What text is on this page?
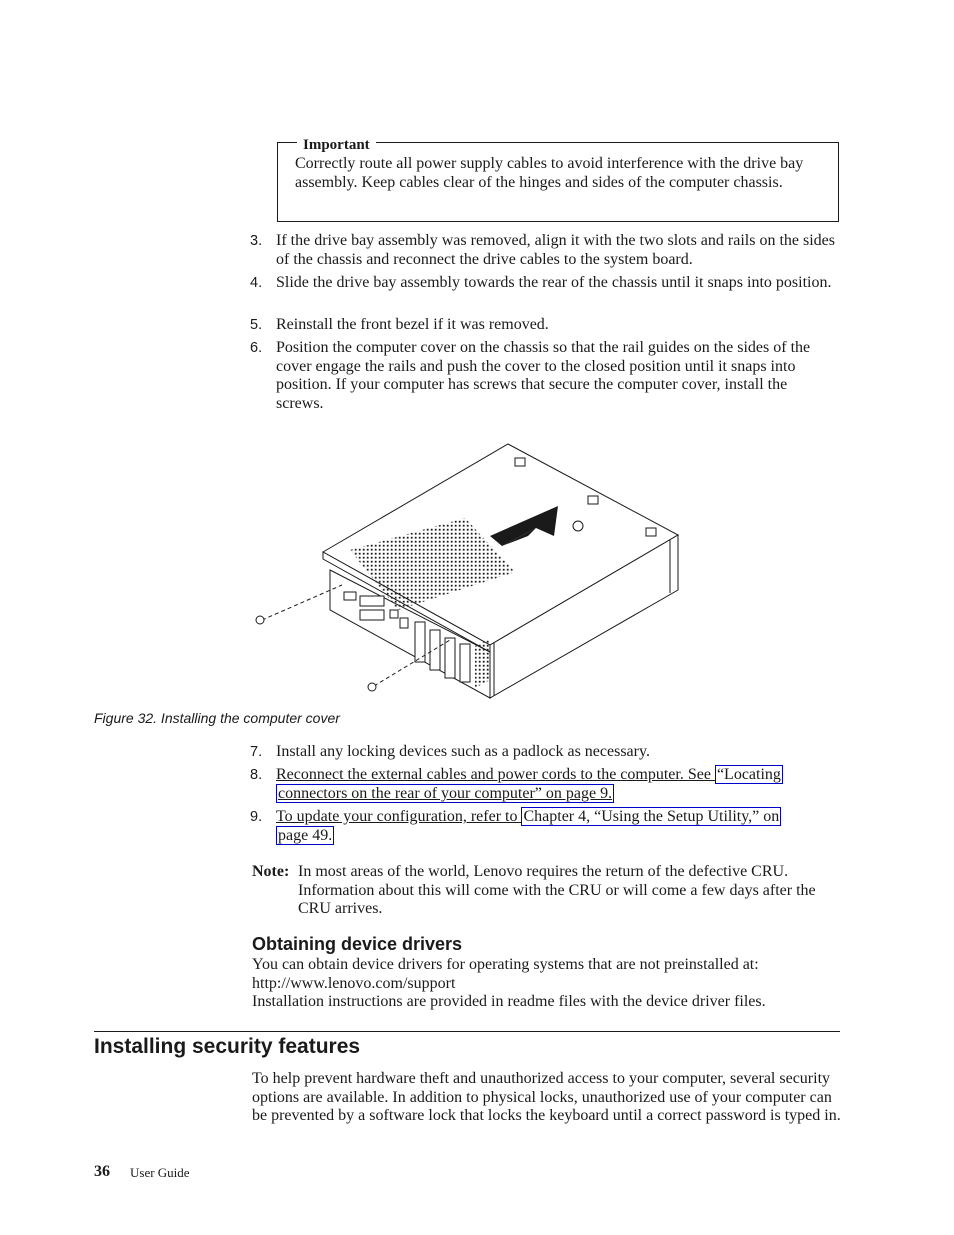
Important
Correctly route all power supply cables to avoid interference with the drive bay assembly. Keep cables clear of the hinges and sides of the computer chassis.
3. If the drive bay assembly was removed, align it with the two slots and rails on the sides of the chassis and reconnect the drive cables to the system board.
4. Slide the drive bay assembly towards the rear of the chassis until it snaps into position.
5. Reinstall the front bezel if it was removed.
6. Position the computer cover on the chassis so that the rail guides on the sides of the cover engage the rails and push the cover to the closed position until it snaps into position. If your computer has screws that secure the computer cover, install the screws.
Figure 32. Installing the computer cover
7. Install any locking devices such as a padlock as necessary.
8. Reconnect the external cables and power cords to the computer. See “Locating
connectors on the rear of your computer” on page 9.
9. To update your configuration, refer to Chapter 4, “Using the Setup Utility,” on
page 49.
Note: In most areas of the world, Lenovo requires the return of the defective CRU. Information about this will come with the CRU or will come a few days after the CRU arrives.
Obtaining device drivers
You can obtain device drivers for operating systems that are not preinstalled at:
http://www.lenovo.com/support
Installation instructions are provided in readme files with the device driver files.
Installing security features
To help prevent hardware theft and unauthorized access to your computer, several security options are available. In addition to physical locks, unauthorized use of your computer can be prevented by a software lock that locks the keyboard until a correct password is typed in.
36 User Guide
